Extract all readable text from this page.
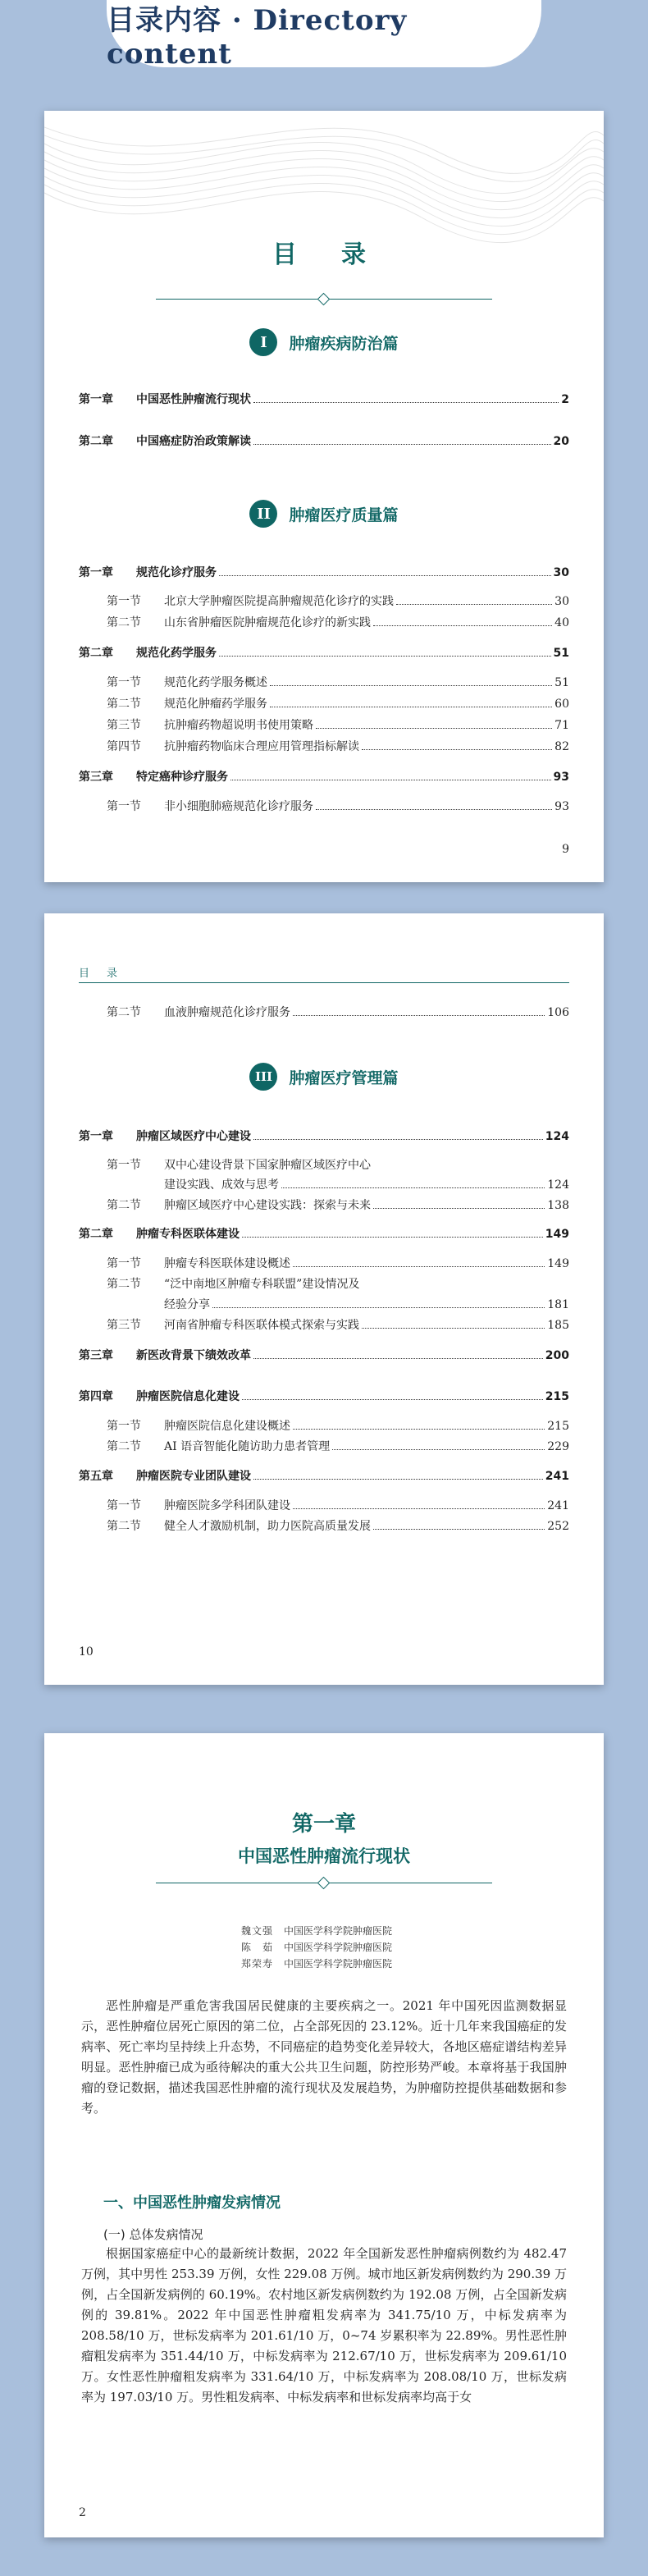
目录内容 · Directory content
目　录
I	肿瘤疾病防治篇
第一章 中国恶性肿瘤流行现状	2
第二章 中国癌症防治政策解读	20
II	肿瘤医疗质量篇
第一章 规范化诊疗服务	30
第一节 北京大学肿瘤医院提高肿瘤规范化诊疗的实践	30
第二节 山东省肿瘤医院肿瘤规范化诊疗的新实践	40
第二章 规范化药学服务	51
第一节 规范化药学服务概述	51
第二节 规范化肿瘤药学服务	60
第三节 抗肿瘤药物超说明书使用策略	71
第四节 抗肿瘤药物临床合理应用管理指标解读	82
第三章 特定癌种诊疗服务	93
第一节 非小细胞肺癌规范化诊疗服务	93
9
目　录
第二节 血液肿瘤规范化诊疗服务	106
III	肿瘤医疗管理篇
第一章 肿瘤区域医疗中心建设	124
第一节 双中心建设背景下国家肿瘤区域医疗中心
建设实践、成效与思考	124
第二节 肿瘤区域医疗中心建设实践：探索与未来	138
第二章 肿瘤专科医联体建设	149
第一节 肿瘤专科医联体建设概述	149
第二节 “泛中南地区肿瘤专科联盟”建设情况及
经验分享	181
第三节 河南省肿瘤专科医联体模式探索与实践	185
第三章 新医改背景下绩效改革	200
第四章 肿瘤医院信息化建设	215
第一节 肿瘤医院信息化建设概述	215
第二节 AI 语音智能化随访助力患者管理	229
第五章 肿瘤医院专业团队建设	241
第一节 肿瘤医院多学科团队建设	241
第二节 健全人才激励机制，助力医院高质量发展	252
10
第一章
中国恶性肿瘤流行现状
魏文强 中国医学科学院肿瘤医院
陈　茹 中国医学科学院肿瘤医院
郑荣寿 中国医学科学院肿瘤医院
恶性肿瘤是严重危害我国居民健康的主要疾病之一。2021 年中国死因监测数据显示，恶性肿瘤位居死亡原因的第二位，占全部死因的 23.12%。近十几年来我国癌症的发病率、死亡率均呈持续上升态势，不同癌症的趋势变化差异较大，各地区癌症谱结构差异明显。恶性肿瘤已成为亟待解决的重大公共卫生问题，防控形势严峻。本章将基于我国肿瘤的登记数据，描述我国恶性肿瘤的流行现状及发展趋势，为肿瘤防控提供基础数据和参考。
一、中国恶性肿瘤发病情况
(一) 总体发病情况
根据国家癌症中心的最新统计数据，2022 年全国新发恶性肿瘤病例数约为 482.47 万例，其中男性 253.39 万例，女性 229.08 万例。城市地区新发病例数约为 290.39 万例，占全国新发病例的 60.19%。农村地区新发病例数约为 192.08 万例，占全国新发病例的 39.81%。2022 年中国恶性肿瘤粗发病率为 341.75/10 万，中标发病率为 208.58/10 万，世标发病率为 201.61/10 万，0~74 岁累积率为 22.89%。男性恶性肿瘤粗发病率为 351.44/10 万，中标发病率为 212.67/10 万，世标发病率为 209.61/10 万。女性恶性肿瘤粗发病率为 331.64/10 万，中标发病率为 208.08/10 万，世标发病率为 197.03/10 万。男性粗发病率、中标发病率和世标发病率均高于女
2
